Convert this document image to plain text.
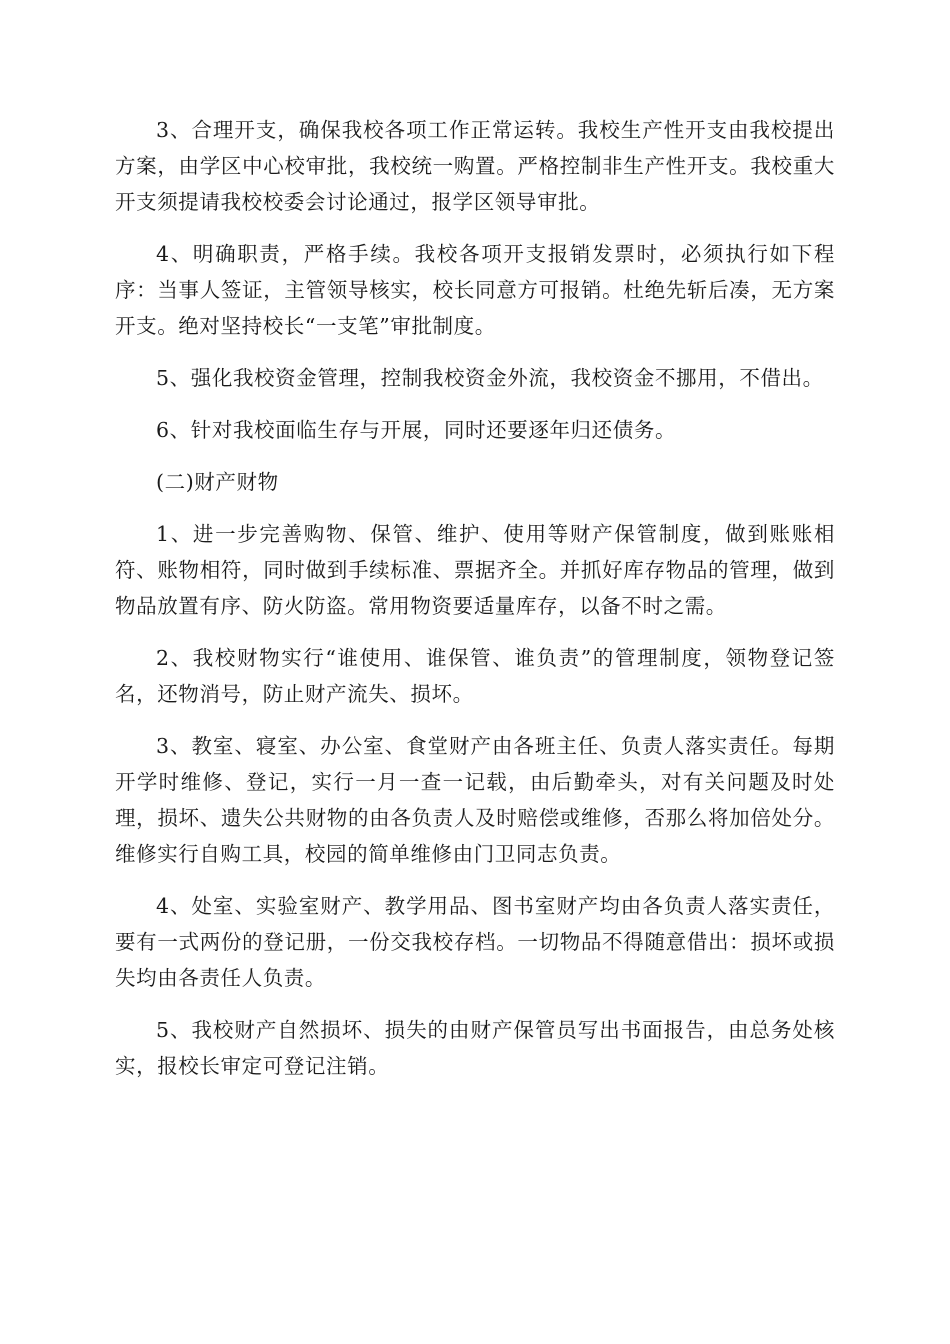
3、合理开支，确保我校各项工作正常运转。我校生产性开支由我校提出方案，由学区中心校审批，我校统一购置。严格控制非生产性开支。我校重大开支须提请我校校委会讨论通过，报学区领导审批。

4、明确职责，严格手续。我校各项开支报销发票时，必须执行如下程序：当事人签证，主管领导核实，校长同意方可报销。杜绝先斩后凑，无方案开支。绝对坚持校长“一支笔”审批制度。

5、强化我校资金管理，控制我校资金外流，我校资金不挪用，不借出。

6、针对我校面临生存与开展，同时还要逐年归还债务。

(二)财产财物

1、进一步完善购物、保管、维护、使用等财产保管制度，做到账账相符、账物相符，同时做到手续标准、票据齐全。并抓好库存物品的管理，做到物品放置有序、防火防盗。常用物资要适量库存，以备不时之需。

2、我校财物实行“谁使用、谁保管、谁负责”的管理制度，领物登记签名，还物消号，防止财产流失、损坏。

3、教室、寝室、办公室、食堂财产由各班主任、负责人落实责任。每期开学时维修、登记，实行一月一查一记载，由后勤牵头，对有关问题及时处理，损坏、遗失公共财物的由各负责人及时赔偿或维修，否那么将加倍处分。维修实行自购工具，校园的简单维修由门卫同志负责。

4、处室、实验室财产、教学用品、图书室财产均由各负责人落实责任，要有一式两份的登记册，一份交我校存档。一切物品不得随意借出：损坏或损失均由各责任人负责。

5、我校财产自然损坏、损失的由财产保管员写出书面报告，由总务处核实，报校长审定可登记注销。
